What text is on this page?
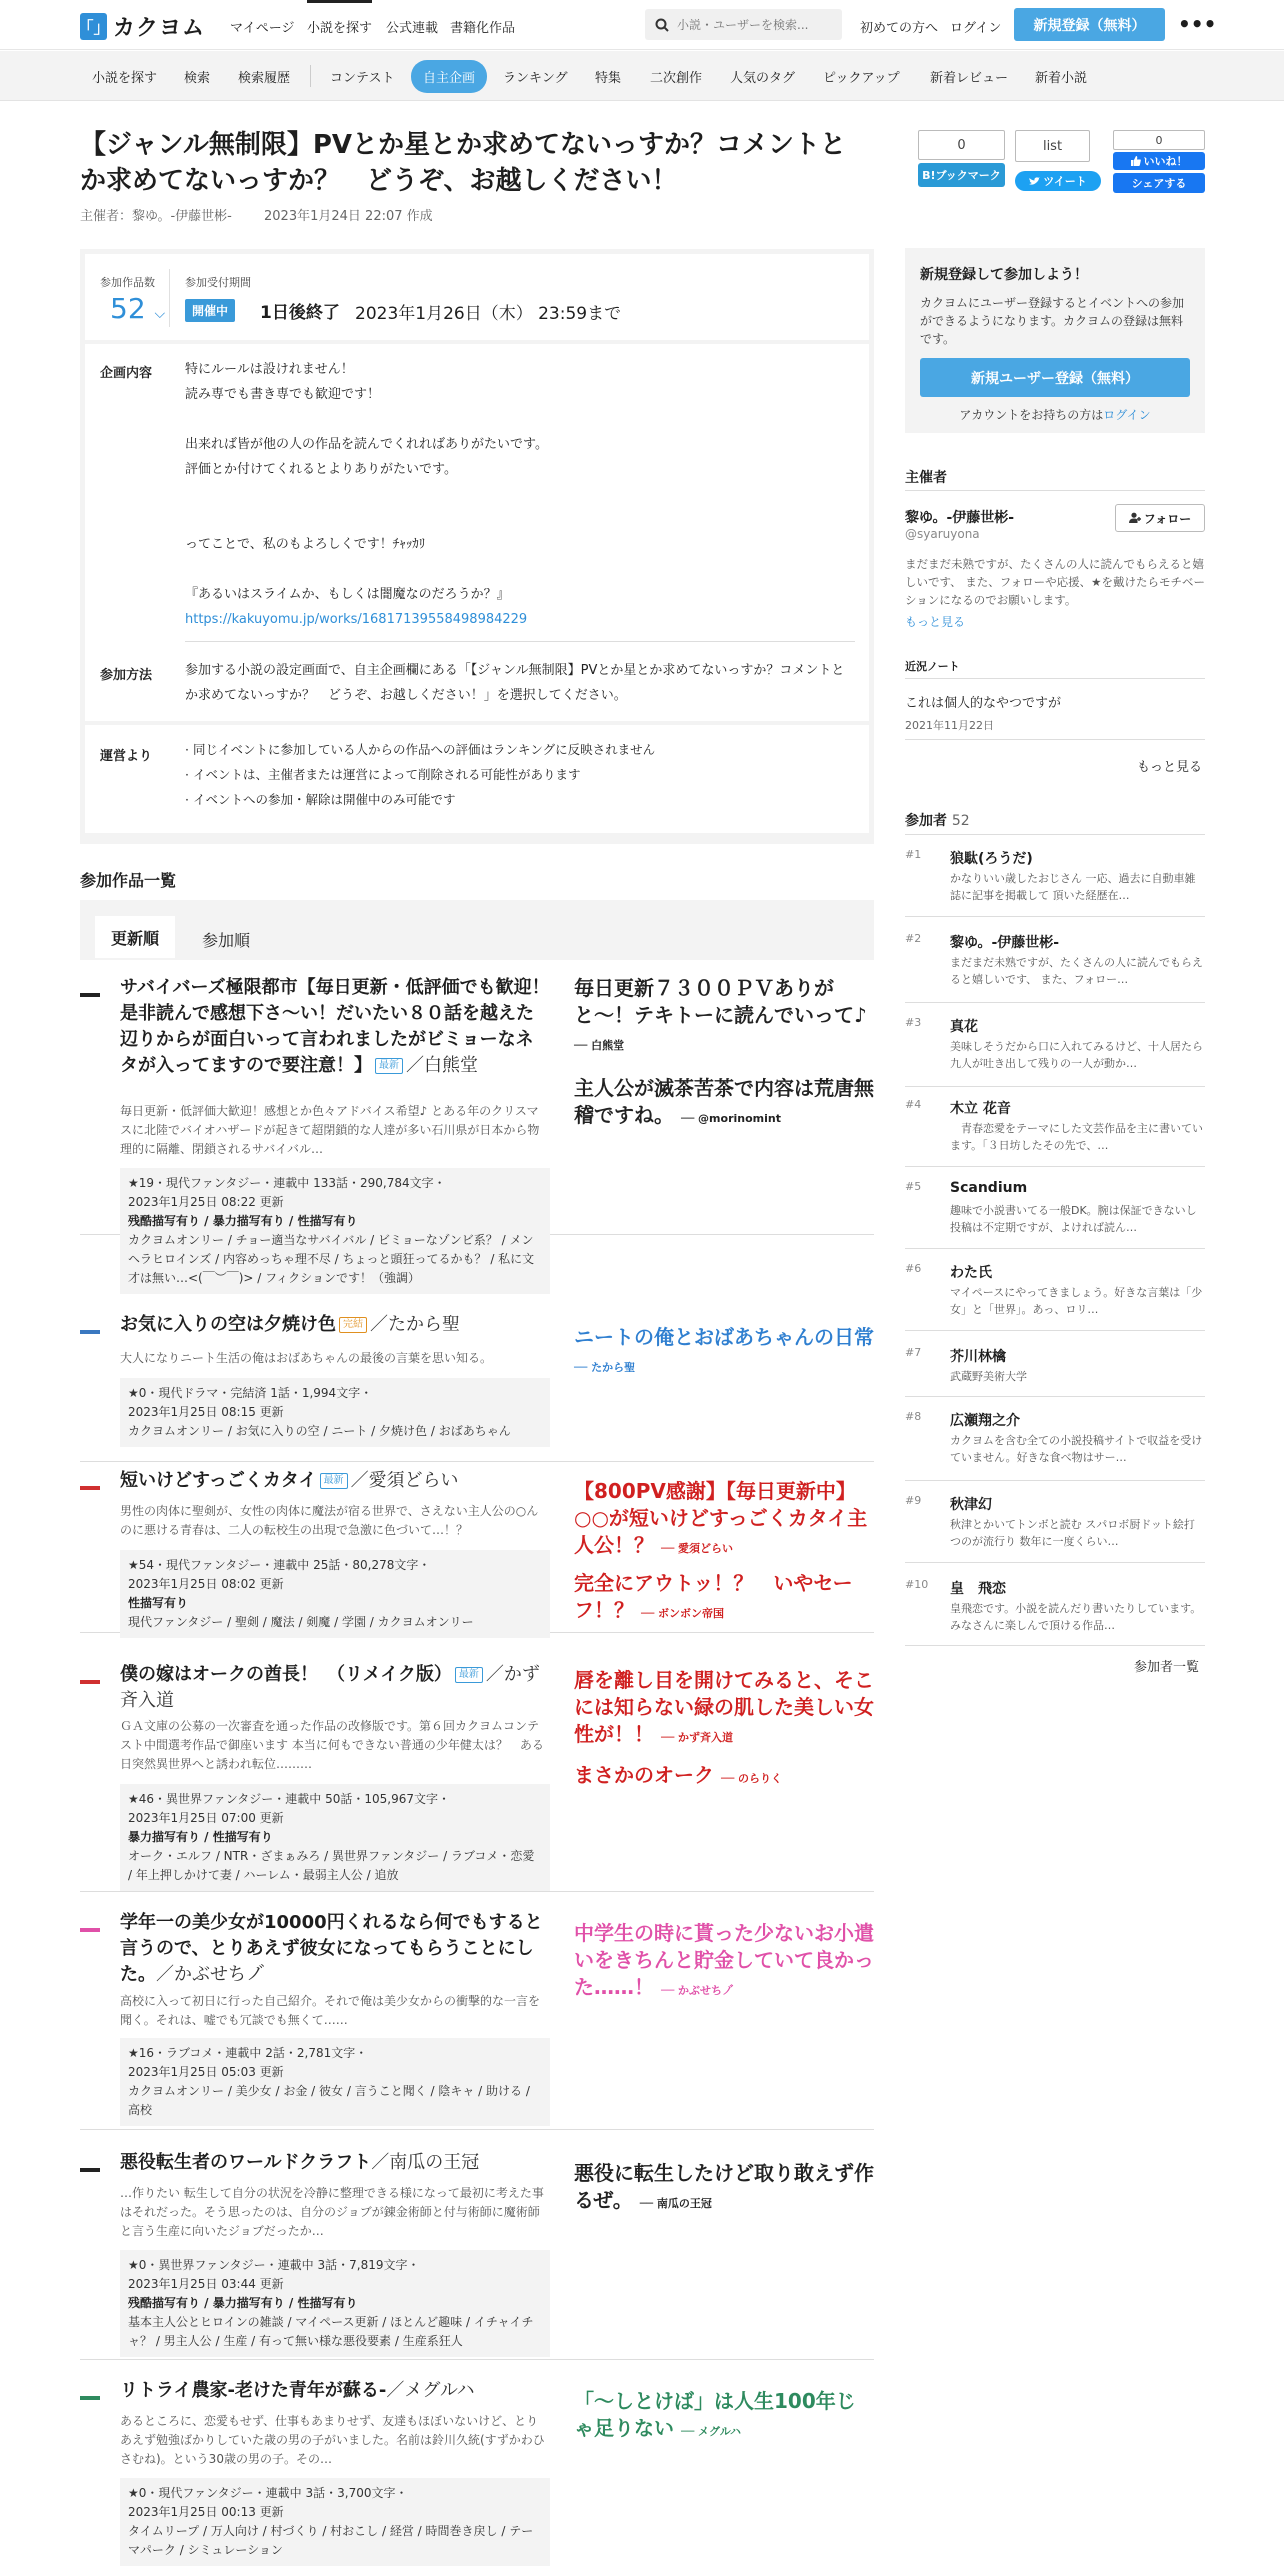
「」 カクヨム マイページ 小説を探す 公式連載 書籍化作品
小説・ユーザーを検索...	初めての方へ ログイン	新規登録（無料）	•••
小説を探す 検索 検索履歴	コンテスト	自主企画	ランキング 特集 二次創作 人気のタグ ピックアップ 新着レビュー 新着小説
【ジャンル無制限】PVとか星とか求めてないっすか？コメントとか求めてないっすか？　どうぞ、お越しください！
主催者：黎ゆ。-伊藤世彬- 2023年1月24日 22:07 作成
0
B!ブックマーク
list
ツイート
0
いいね！
シェアする
参加作品数
52 ⌵
参加受付期間
開催中	1日後終了 2023年1月26日（木） 23:59まで
企画内容	特にルールは設けれません！
読み専でも書き専でも歓迎です！
出来れば皆が他の人の作品を読んでくれればありがたいです。
評価とか付けてくれるとよりありがたいです。
ってことで、私のもよろしくです！ﾁｬｯｶﾘ
『あるいはスライムか、もしくは闇魔なのだろうか？』
https://kakuyomu.jp/works/16817139558498984229
参加方法	参加する小説の設定画面で、自主企画欄にある「【ジャンル無制限】PVとか星とか求めてないっすか？コメントとか求めてないっすか？　どうぞ、お越しください！」を選択してください。
運営より	· 同じイベントに参加している人からの作品への評価はランキングに反映されません
· イベントは、主催者または運営によって削除される可能性があります
· イベントへの参加・解除は開催中のみ可能です
参加作品一覧
更新順	参加順
サバイバーズ極限都市【毎日更新・低評価でも歓迎！是非読んで感想下さ〜い！だいたい８０話を越えた辺りからが面白いって言われましたがビミョーなネタが入ってますので要注意！】 最新 ／白熊堂
毎日更新・低評価大歓迎！感想とか色々アドバイス希望♪ とある年のクリスマスに北陸でバイオハザードが起きて超閉鎖的な人達が多い石川県が日本から物理的に隔離、閉鎖されるサバイバル…
★19・現代ファンタジー・連載中 133話・290,784文字・
2023年1月25日 08:22 更新
残酷描写有り / 暴力描写有り / 性描写有り
カクヨムオンリー / チョー適当なサバイバル / ビミョーなゾンビ系？ / メンヘラヒロインズ / 内容めっちゃ理不尽 / ちょっと頭狂ってるかも？ / 私に文才は無い…<(￣︶￣)> / フィクションです！（強調）
毎日更新７３００ＰＶありがと〜！テキトーに読んでいって♪ ── 白熊堂
主人公が滅茶苦茶で内容は荒唐無稽ですね。 ── @morinomint
お気に入りの空は夕焼け色 完結 ／たから聖
大人になりニート生活の俺はおばあちゃんの最後の言葉を思い知る。
★0・現代ドラマ・完結済 1話・1,994文字・
2023年1月25日 08:15 更新
カクヨムオンリー / お気に入りの空 / ニート / 夕焼け色 / おばあちゃん
ニートの俺とおばあちゃんの日常 ── たから聖
短いけどすっごくカタイ 最新 ／愛須どらい
男性の肉体に聖剣が、女性の肉体に魔法が宿る世界で、さえない主人公の○んのに悪ける青春は、二人の転校生の出現で急激に色づいて…！？
★54・現代ファンタジー・連載中 25話・80,278文字・
2023年1月25日 08:02 更新
性描写有り
現代ファンタジー / 聖剣 / 魔法 / 剣魔 / 学園 / カクヨムオンリー
【800PV感謝】【毎日更新中】○○が短いけどすっごくカタイ主人公！？ ── 愛須どらい
完全にアウトッ！？　いやセーフ！？ ── ボンボン帝国
僕の嫁はオークの酋長！　（リメイク版） 最新 ／かず斉入道
ＧＡ文庫の公募の一次審査を通った作品の改修版です。第６回カクヨムコンテスト中間選考作品で御座います 本当に何もできない普通の少年健太は？　ある日突然異世界へと誘われ転位………
★46・異世界ファンタジー・連載中 50話・105,967文字・
2023年1月25日 07:00 更新
暴力描写有り / 性描写有り
オーク・エルフ / NTR・ざまぁみろ / 異世界ファンタジー / ラブコメ・恋愛 / 年上押しかけて妻 / ハーレム・最弱主人公 / 追放
唇を離し目を開けてみると、そこには知らない緑の肌した美しい女性が！！ ── かず斉入道
まさかのオーク ── のらりく
学年一の美少女が10000円くれるなら何でもすると言うので、とりあえず彼女になってもらうことにした。／かぶせちノ゙
高校に入って初日に行った自己紹介。それで俺は美少女からの衝撃的な一言を聞く。それは、嘘でも冗談でも無くて……
★16・ラブコメ・連載中 2話・2,781文字・
2023年1月25日 05:03 更新
カクヨムオンリー / 美少女 / お金 / 彼女 / 言うこと聞く / 陰キャ / 助ける / 高校
中学生の時に貰った少ないお小遣いをきちんと貯金していて良かった……！ ── かぶせちノ゙
悪役転生者のワールドクラフト／南瓜の王冠
…作りたい 転生して自分の状況を冷静に整理できる様になって最初に考えた事はそれだった。そう思ったのは、自分のジョブが錬金術師と付与術師に魔術師と言う生産に向いたジョブだったか…
★0・異世界ファンタジー・連載中 3話・7,819文字・
2023年1月25日 03:44 更新
残酷描写有り / 暴力描写有り / 性描写有り
基本主人公とヒロインの雑談 / マイペース更新 / ほとんど趣味 / イチャイチャ？ / 男主人公 / 生産 / 有って無い様な悪役要素 / 生産系狂人
悪役に転生したけど取り敢えず作るぜ。 ── 南瓜の王冠
リトライ農家-老けた青年が蘇る-／メグルハ
あるところに、恋愛もせず、仕事もあまりせず、友達もほぼいないけど、とりあえず勉強ばかりしていた歳の男の子がいました。名前は鈴川久統(すずかわひさむね)。という30歳の男の子。その…
★0・現代ファンタジー・連載中 3話・3,700文字・
2023年1月25日 00:13 更新
タイムリープ / 万人向け / 村づくり / 村おこし / 経営 / 時間巻き戻し / テーマパーク / シミュレーション
「～しとけば」は人生100年じゃ足りない ── メグルハ
新規登録して参加しよう！

カクヨムにユーザー登録するとイベントへの参加ができるようになります。カクヨムの登録は無料です。

新規ユーザー登録（無料）
アカウントをお持ちの方はログイン
主催者
黎ゆ。-伊藤世彬-
@syaruyona
フォロー
まだまだ未熟ですが、たくさんの人に読んでもらえると嬉しいです、 また、フォローや応援、★を戴けたらモチベーションになるのでお願いします。
もっと見る
近況ノート
これは個人的なやつですが
2021年11月22日
もっと見る
参加者 52
#1 狼駄(ろうだ)
かなりいい歳したおじさん 一応、過去に自動車雑誌に記事を掲載して 頂いた経歴在…
#2 黎ゆ。-伊藤世彬-
まだまだ未熟ですが、たくさんの人に読んでもらえると嬉しいです、 また、フォロー…
#3 真花
美味しそうだから口に入れてみるけど、十人居たら九人が吐き出して残りの一人が動か…
#4 木立 花音
　青春恋愛をテーマにした文芸作品を主に書いています。「３日坊したその先で、…
#5 Scandium
趣味で小説書いてる一般DK。腕は保証できないし投稿は不定期ですが、よければ読ん…
#6 わた氏
マイペースにやってきましょう。好きな言葉は「少女」と「世界」。あっ、ロリ…
#7 芥川林檎
武蔵野美術大学
#8 広瀬翔之介
カクヨムを含む全ての小説投稿サイトで収益を受けていません。好きな食べ物はサー…
#9 秋津幻
秋津とかいてトンボと読む スパロボ厨ドット絵打つのが流行り 数年に一度くらい…
#10 皇　飛恋
皇飛恋です。小説を読んだり書いたりしています。みなさんに楽しんで頂ける作品…
参加者一覧
